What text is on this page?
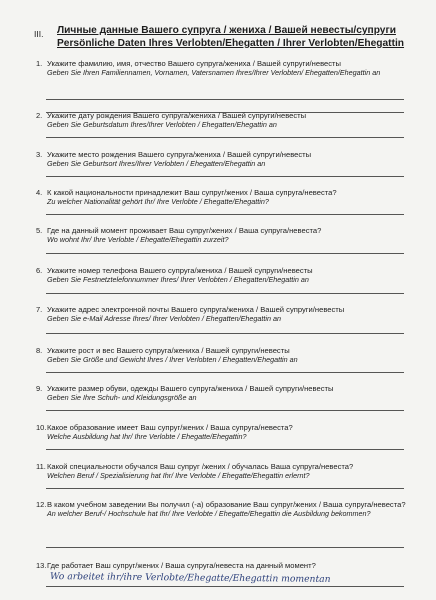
III. Личные данные Вашего супруга / жениха / Вашей невесты/супруги
Persönliche Daten Ihres Verlobten/Ehegatten / Ihrer Verlobten/Ehegattin
1. Укажите фамилию, имя, отчество Вашего супруга/жениха / Вашей супруги/невесты
Geben Sie Ihren Familiennamen, Vornamen, Vatersnamen Ihres/Ihrer Verlobten/ Ehegatten/Ehegattin an
2. Укажите дату рождения Вашего супруга/жениха / Вашей супруги/невесты
Geben Sie Geburtsdatum Ihres/Ihrer Verlobten / Ehegatten/Ehegattin an
3. Укажите место рождения Вашего супруга/жениха / Вашей супруги/невесты
Geben Sie Geburtsort Ihres/Ihrer Verlobten / Ehegatten/Ehegattin an
4. К какой национальности принадлежит Ваш супруг/жених / Ваша супруга/невеста?
Zu welcher Nationalität gehört Ihr/ Ihre Verlobte / Ehegatte/Ehegattin?
5. Где на данный момент проживает Ваш супруг/жених / Ваша супруга/невеста?
Wo wohnt Ihr/ Ihre Verlobte / Ehegatte/Ehegattin zurzeit?
6. Укажите номер телефона Вашего супруга/жениха / Вашей супруги/невесты
Geben Sie Festnetztelefonnummer Ihres/ Ihrer Verlobten / Ehegatten/Ehegattin an
7. Укажите адрес электронной почты Вашего супруга/жениха / Вашей супруги/невесты
Geben Sie e-Mail Adresse Ihres/ Ihrer Verlobten / Ehegatten/Ehegattin an
8. Укажите рост и вес Вашего супруга/жениха / Вашей супруги/невесты
Geben Sie Größe und Gewicht Ihres / Ihrer Verlobten / Ehegatten/Ehegattin an
9. Укажите размер обуви, одежды Вашего супруга/жениха / Вашей супруги/невесты
Geben Sie Ihre Schuh- und Kleidungsgröße an
10. Какое образование имеет Ваш супруг/жених / Ваша супруга/невеста?
Welche Ausbildung hat Ihr/ Ihre Verlobte / Ehegatte/Ehegattin?
11. Какой специальности обучался Ваш супруг /жених / обучалась Ваша супруга/невеста?
Welchen Beruf / Spezialisierung hat Ihr/ Ihre Verlobte / Ehegatte/Ehegattin erlernt?
12. В каком учебном заведении Вы получил (-а) образование Ваш супруг/жених / Ваша супруга/невеста?
An welcher Beruf-/ Hochschule hat Ihr/ Ihre Verlobte / Ehegatte/Ehegattin die Ausbildung bekommen?
13. Где работает Ваш супруг/жених / Ваша супруга/невеста на данный момент?
Wo arbeitet ihr/ihre Verlobte/Ehegatte/Ehegattin momentan
